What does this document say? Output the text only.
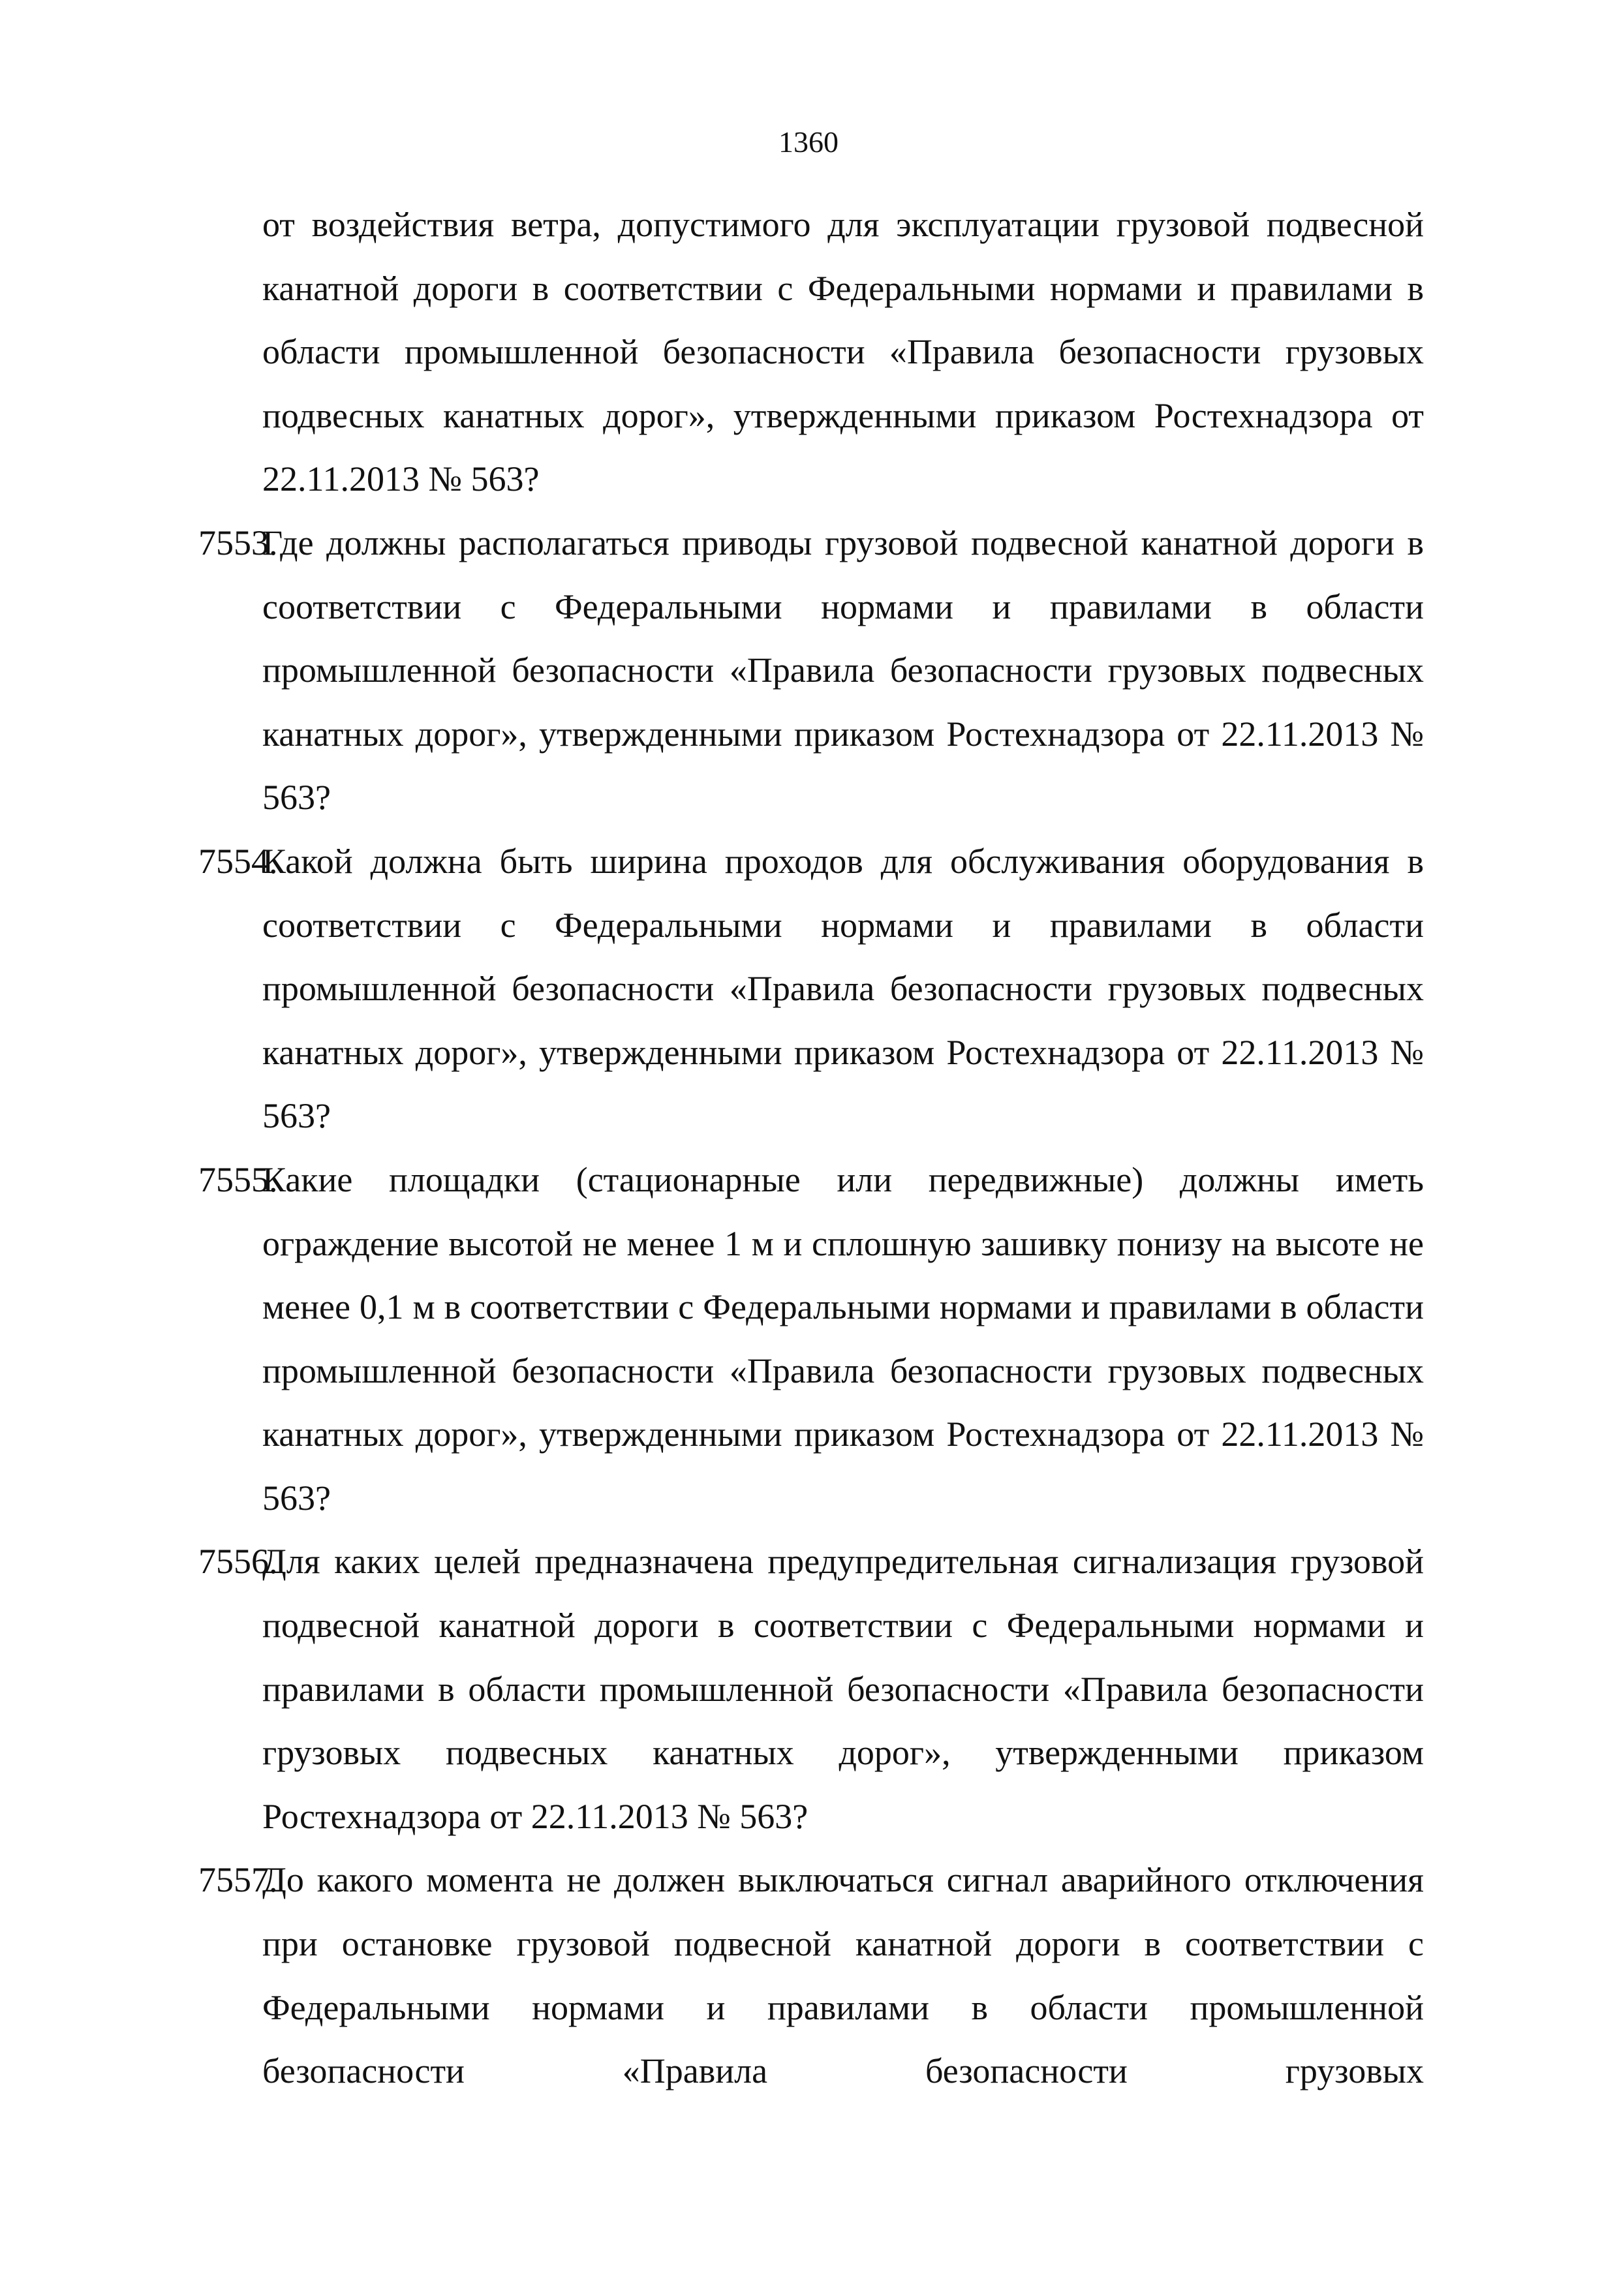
1360

от воздействия ветра, допустимого для эксплуатации грузовой подвесной канатной дороги в соответствии с Федеральными нормами и правилами в области промышленной безопасности «Правила безопасности грузовых подвесных канатных дорог», утвержденными приказом Ростехнадзора от 22.11.2013 № 563?

7553.
Где должны располагаться приводы грузовой подвесной канатной дороги в соответствии с Федеральными нормами и правилами в области промышленной безопасности «Правила безопасности грузовых подвесных канатных дорог», утвержденными приказом Ростехнадзора от 22.11.2013 № 563?
7554.
Какой должна быть ширина проходов для обслуживания оборудования в соответствии с Федеральными нормами и правилами в области промышленной безопасности «Правила безопасности грузовых подвесных канатных дорог», утвержденными приказом Ростехнадзора от 22.11.2013 № 563?
7555.
Какие площадки (стационарные или передвижные) должны иметь ограждение высотой не менее 1 м и сплошную зашивку понизу на высоте не менее 0,1 м в соответствии с Федеральными нормами и правилами в области промышленной безопасности «Правила безопасности грузовых подвесных канатных дорог», утвержденными приказом Ростехнадзора от 22.11.2013 № 563?
7556.
Для каких целей предназначена предупредительная сигнализация грузовой подвесной канатной дороги в соответствии с Федеральными нормами и правилами в области промышленной безопасности «Правила безопасности грузовых подвесных канатных дорог», утвержденными приказом Ростехнадзора от 22.11.2013 № 563?
7557.
До какого момента не должен выключаться сигнал аварийного отключения при остановке грузовой подвесной канатной дороги в соответствии с Федеральными нормами и правилами в области промышленной безопасности «Правила безопасности грузовых
